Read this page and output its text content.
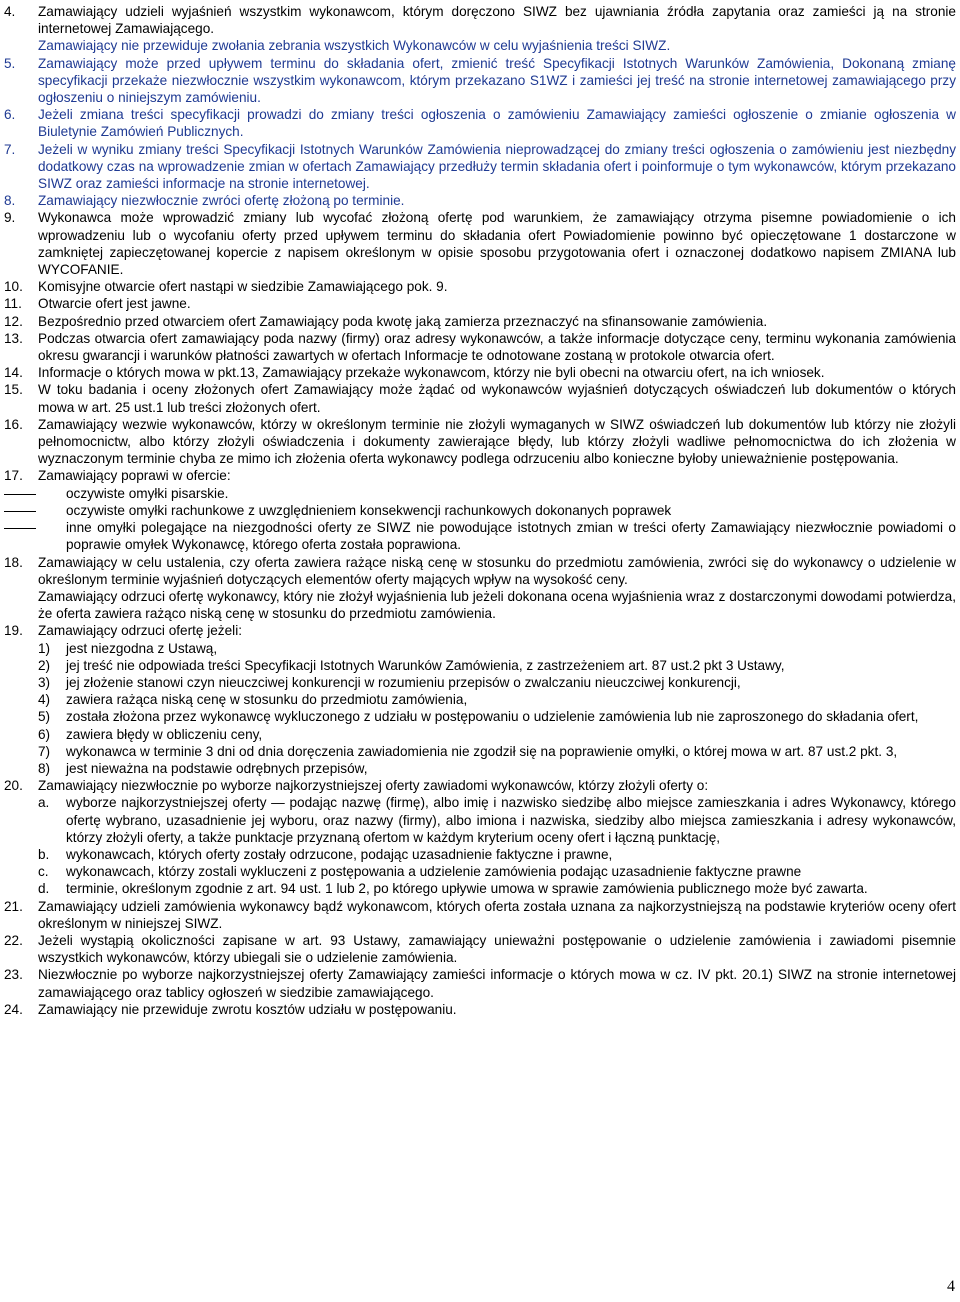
4.	Zamawiający udzieli wyjaśnień wszystkim wykonawcom, którym doręczono SIWZ bez ujawniania źródła zapytania oraz zamieści ją na stronie internetowej Zamawiającego.
Zamawiający nie przewiduje zwołania zebrania wszystkich Wykonawców w celu wyjaśnienia treści SIWZ.
5.	Zamawiający może przed upływem terminu do składania ofert, zmienić treść Specyfikacji Istotnych Warunków Zamówienia, Dokonaną zmianę specyfikacji przekaże niezwłocznie wszystkim wykonawcom, którym przekazano S1WZ i zamieści jej treść na stronie internetowej zamawiającego przy ogłoszeniu o niniejszym zamówieniu.
6.	Jeżeli zmiana treści specyfikacji prowadzi do zmiany treści ogłoszenia o zamówieniu Zamawiający zamieści ogłoszenie o zmianie ogłoszenia w Biuletynie Zamówień Publicznych.
7.	Jeżeli w wyniku zmiany treści Specyfikacji Istotnych Warunków Zamówienia nieprowadzącej do zmiany treści ogłoszenia o zamówieniu jest niezbędny dodatkowy czas na wprowadzenie zmian w ofertach Zamawiający przedłuży termin składania ofert i poinformuje o tym wykonawców, którym przekazano SIWZ oraz zamieści informacje na stronie internetowej.
8.	Zamawiający niezwłocznie zwróci ofertę złożoną po terminie.
9.	Wykonawca może wprowadzić zmiany lub wycofać złożoną ofertę pod warunkiem, że zamawiający otrzyma pisemne powiadomienie o ich wprowadzeniu lub o wycofaniu oferty przed upływem terminu do składania ofert Powiadomienie powinno być opieczętowane 1 dostarczone w zamkniętej zapieczętowanej kopercie z napisem określonym w opisie sposobu przygotowania ofert i oznaczonej dodatkowo napisem ZMIANA lub WYCOFANIE.
10.	Komisyjne otwarcie ofert nastąpi w siedzibie Zamawiającego pok. 9.
11.	Otwarcie ofert jest jawne.
12.	Bezpośrednio przed otwarciem ofert Zamawiający poda kwotę jaką zamierza przeznaczyć na sfinansowanie zamówienia.
13.	Podczas otwarcia ofert zamawiający poda nazwy (firmy) oraz adresy wykonawców, a także informacje dotyczące ceny, terminu wykonania zamówienia okresu gwarancji i warunków płatności zawartych w ofertach Informacje te odnotowane zostaną w protokole otwarcia ofert.
14.	Informacje o których mowa w pkt.13, Zamawiający przekaże wykonawcom, którzy nie byli obecni na otwarciu ofert, na ich wniosek.
15.	W toku badania i oceny złożonych ofert Zamawiający może żądać od wykonawców wyjaśnień dotyczących oświadczeń lub dokumentów o których mowa w art. 25 ust.1 lub treści złożonych ofert.
16.	Zamawiający wezwie wykonawców, którzy w określonym terminie nie złożyli wymaganych w SIWZ oświadczeń lub dokumentów lub którzy nie złożyli pełnomocnictw, albo którzy złożyli oświadczenia i dokumenty zawierające błędy, lub którzy złożyli wadliwe pełnomocnictwa do ich złożenia w wyznaczonym terminie chyba ze mimo ich złożenia oferta wykonawcy podlega odrzuceniu albo konieczne byłoby unieważnienie postępowania.
17.	Zamawiający poprawi w ofercie:
oczywiste omyłki pisarskie.
oczywiste omyłki rachunkowe z uwzględnieniem konsekwencji rachunkowych dokonanych poprawek
inne omyłki polegające na niezgodności oferty ze SIWZ nie powodujące istotnych zmian w treści oferty Zamawiający niezwłocznie powiadomi o poprawie omyłek Wykonawcę, którego oferta została poprawiona.
18.	Zamawiający w celu ustalenia, czy oferta zawiera rażące niską cenę w stosunku do przedmiotu zamówienia, zwróci się do wykonawcy o udzielenie w określonym terminie wyjaśnień dotyczących elementów oferty mających wpływ na wysokość ceny.
Zamawiający odrzuci ofertę wykonawcy, który nie złożył wyjaśnienia lub jeżeli dokonana ocena wyjaśnienia wraz z dostarczonymi dowodami potwierdza, że oferta zawiera rażąco niską cenę w stosunku do przedmiotu zamówienia.
19.	Zamawiający odrzuci ofertę jeżeli:
1)	jest niezgodna z Ustawą,
2)	jej treść nie odpowiada treści Specyfikacji Istotnych Warunków Zamówienia, z zastrzeżeniem art. 87 ust.2 pkt 3 Ustawy,
3)	jej złożenie stanowi czyn nieuczciwej konkurencji w rozumieniu przepisów o zwalczaniu nieuczciwej konkurencji,
4)	zawiera rażąca niską cenę w stosunku do przedmiotu zamówienia,
5)	została złożona przez wykonawcę wykluczonego z udziału w postępowaniu o udzielenie zamówienia lub nie zaproszonego do składania ofert,
6)	zawiera błędy w obliczeniu ceny,
7)	wykonawca w terminie 3 dni od dnia doręczenia zawiadomienia nie zgodził się na poprawienie omyłki, o której mowa w art. 87 ust.2 pkt. 3,
8)	jest nieważna na podstawie odrębnych przepisów,
20.	Zamawiający niezwłocznie po wyborze najkorzystniejszej oferty zawiadomi wykonawców, którzy złożyli oferty o:
a.	wyborze najkorzystniejszej oferty — podając nazwę (firmę), albo imię i nazwisko siedzibę albo miejsce zamieszkania i adres Wykonawcy, którego ofertę wybrano, uzasadnienie jej wyboru, oraz nazwy (firmy), albo imiona i nazwiska, siedziby albo miejsca zamieszkania i adresy wykonawców, którzy złożyli oferty, a także punktacje przyznaną ofertom w każdym kryterium oceny ofert i łączną punktację,
b.	wykonawcach, których oferty zostały odrzucone, podając uzasadnienie faktyczne i prawne,
c.	wykonawcach, którzy zostali wykluczeni z postępowania a udzielenie zamówienia podając uzasadnienie faktyczne prawne
d.	terminie, określonym zgodnie z art. 94 ust. 1 lub 2, po którego upływie umowa w sprawie zamówienia publicznego może być zawarta.
21.	Zamawiający udzieli zamówienia wykonawcy bądź wykonawcom, których oferta została uznana za najkorzystniejszą na podstawie kryteriów oceny ofert określonym w niniejszej SIWZ.
22.	Jeżeli wystąpią okoliczności zapisane w art. 93 Ustawy, zamawiający unieważni postępowanie o udzielenie zamówienia i zawiadomi pisemnie wszystkich wykonawców, którzy ubiegali sie o udzielenie zamówienia.
23.	Niezwłocznie po wyborze najkorzystniejszej oferty Zamawiający zamieści informacje o których mowa w cz. IV pkt. 20.1) SIWZ na stronie internetowej zamawiającego oraz tablicy ogłoszeń w siedzibie zamawiającego.
24.	Zamawiający nie przewiduje zwrotu kosztów udziału w postępowaniu.
4
